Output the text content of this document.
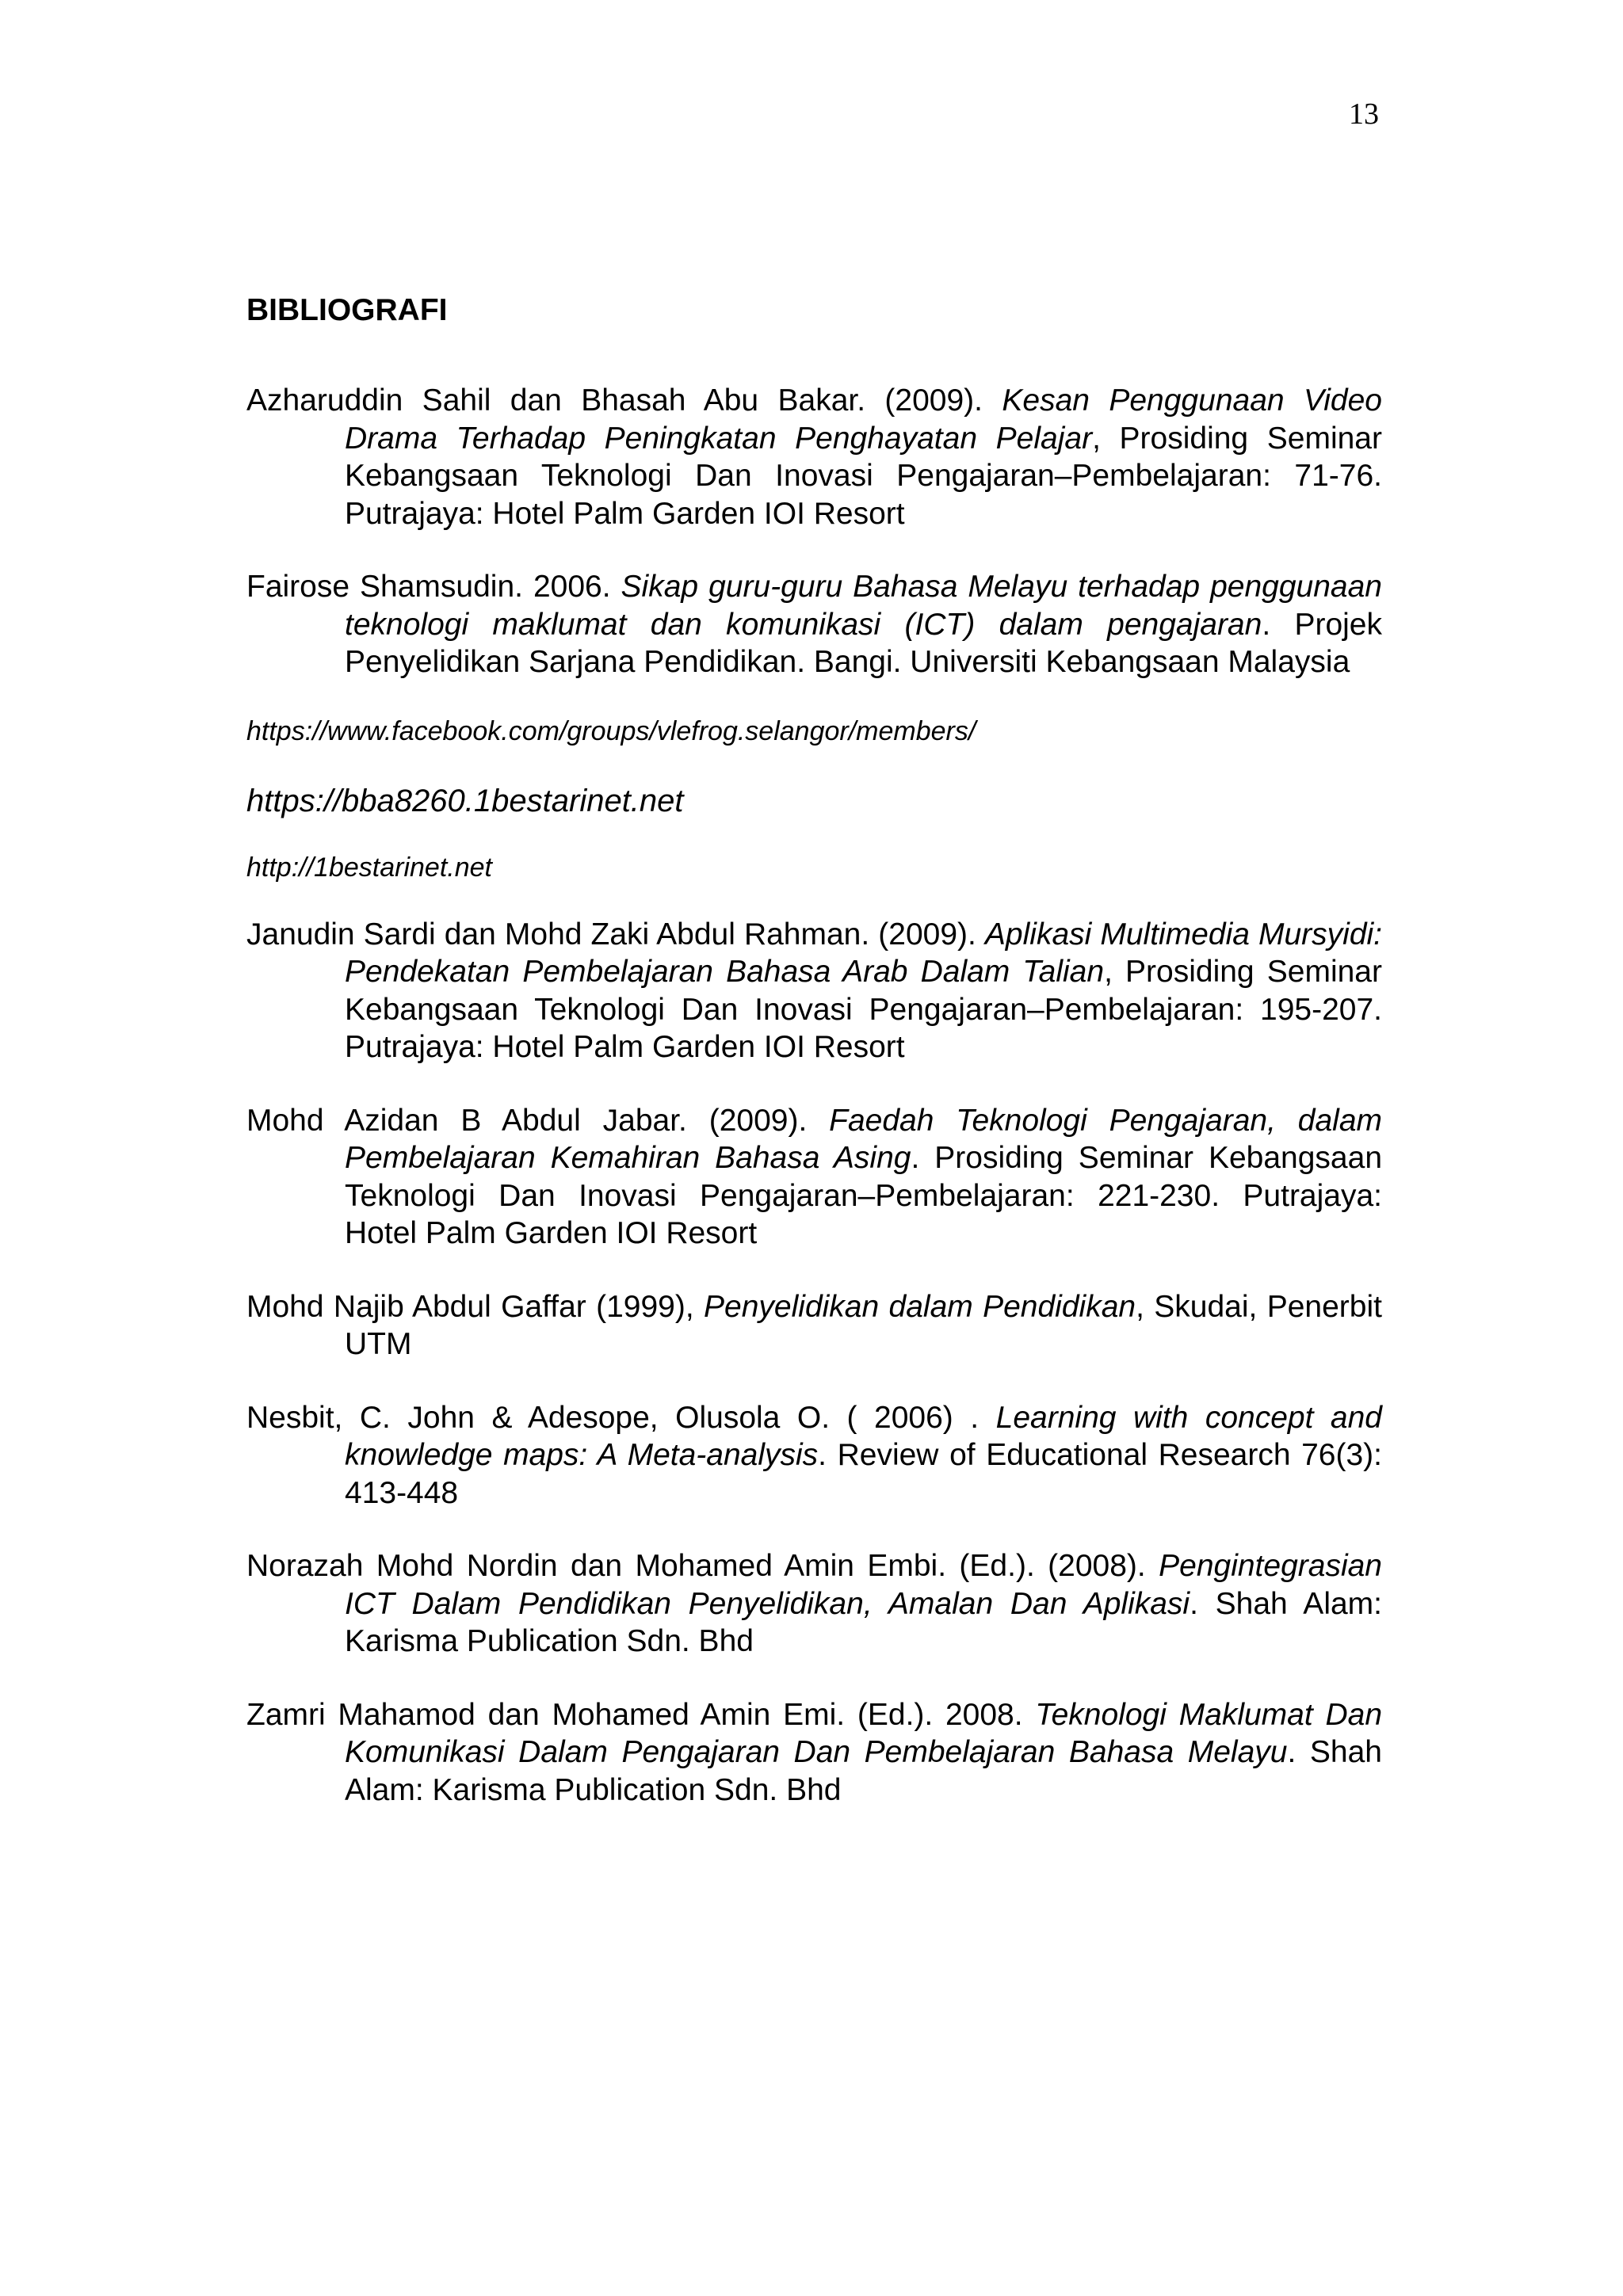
13
BIBLIOGRAFI

Azharuddin Sahil dan Bhasah Abu Bakar. (2009). Kesan Penggunaan Video Drama Terhadap Peningkatan Penghayatan Pelajar, Prosiding Seminar Kebangsaan Teknologi Dan Inovasi Pengajaran–Pembelajaran: 71-76. Putrajaya: Hotel Palm Garden IOI Resort

Fairose Shamsudin. 2006. Sikap guru-guru Bahasa Melayu terhadap penggunaan teknologi maklumat dan komunikasi (ICT) dalam pengajaran. Projek Penyelidikan Sarjana Pendidikan. Bangi. Universiti Kebangsaan Malaysia

https://www.facebook.com/groups/vlefrog.selangor/members/

https://bba8260.1bestarinet.net

http://1bestarinet.net

Janudin Sardi dan Mohd Zaki Abdul Rahman. (2009). Aplikasi Multimedia Mursyidi: Pendekatan Pembelajaran Bahasa Arab Dalam Talian, Prosiding Seminar Kebangsaan Teknologi Dan Inovasi Pengajaran–Pembelajaran: 195-207. Putrajaya: Hotel Palm Garden IOI Resort

Mohd Azidan B Abdul Jabar. (2009). Faedah Teknologi Pengajaran, dalam Pembelajaran Kemahiran Bahasa Asing. Prosiding Seminar Kebangsaan Teknologi Dan Inovasi Pengajaran–Pembelajaran: 221-230. Putrajaya: Hotel Palm Garden IOI Resort

Mohd Najib Abdul Gaffar (1999), Penyelidikan dalam Pendidikan, Skudai, Penerbit UTM

Nesbit, C. John & Adesope, Olusola O. ( 2006) . Learning with concept and knowledge maps: A Meta-analysis. Review of Educational Research 76(3): 413-448

Norazah Mohd Nordin dan Mohamed Amin Embi. (Ed.). (2008). Pengintegrasian ICT Dalam Pendidikan Penyelidikan, Amalan Dan Aplikasi. Shah Alam: Karisma Publication Sdn. Bhd

Zamri Mahamod dan Mohamed Amin Emi. (Ed.). 2008. Teknologi Maklumat Dan Komunikasi Dalam Pengajaran Dan Pembelajaran Bahasa Melayu. Shah Alam: Karisma Publication Sdn. Bhd
